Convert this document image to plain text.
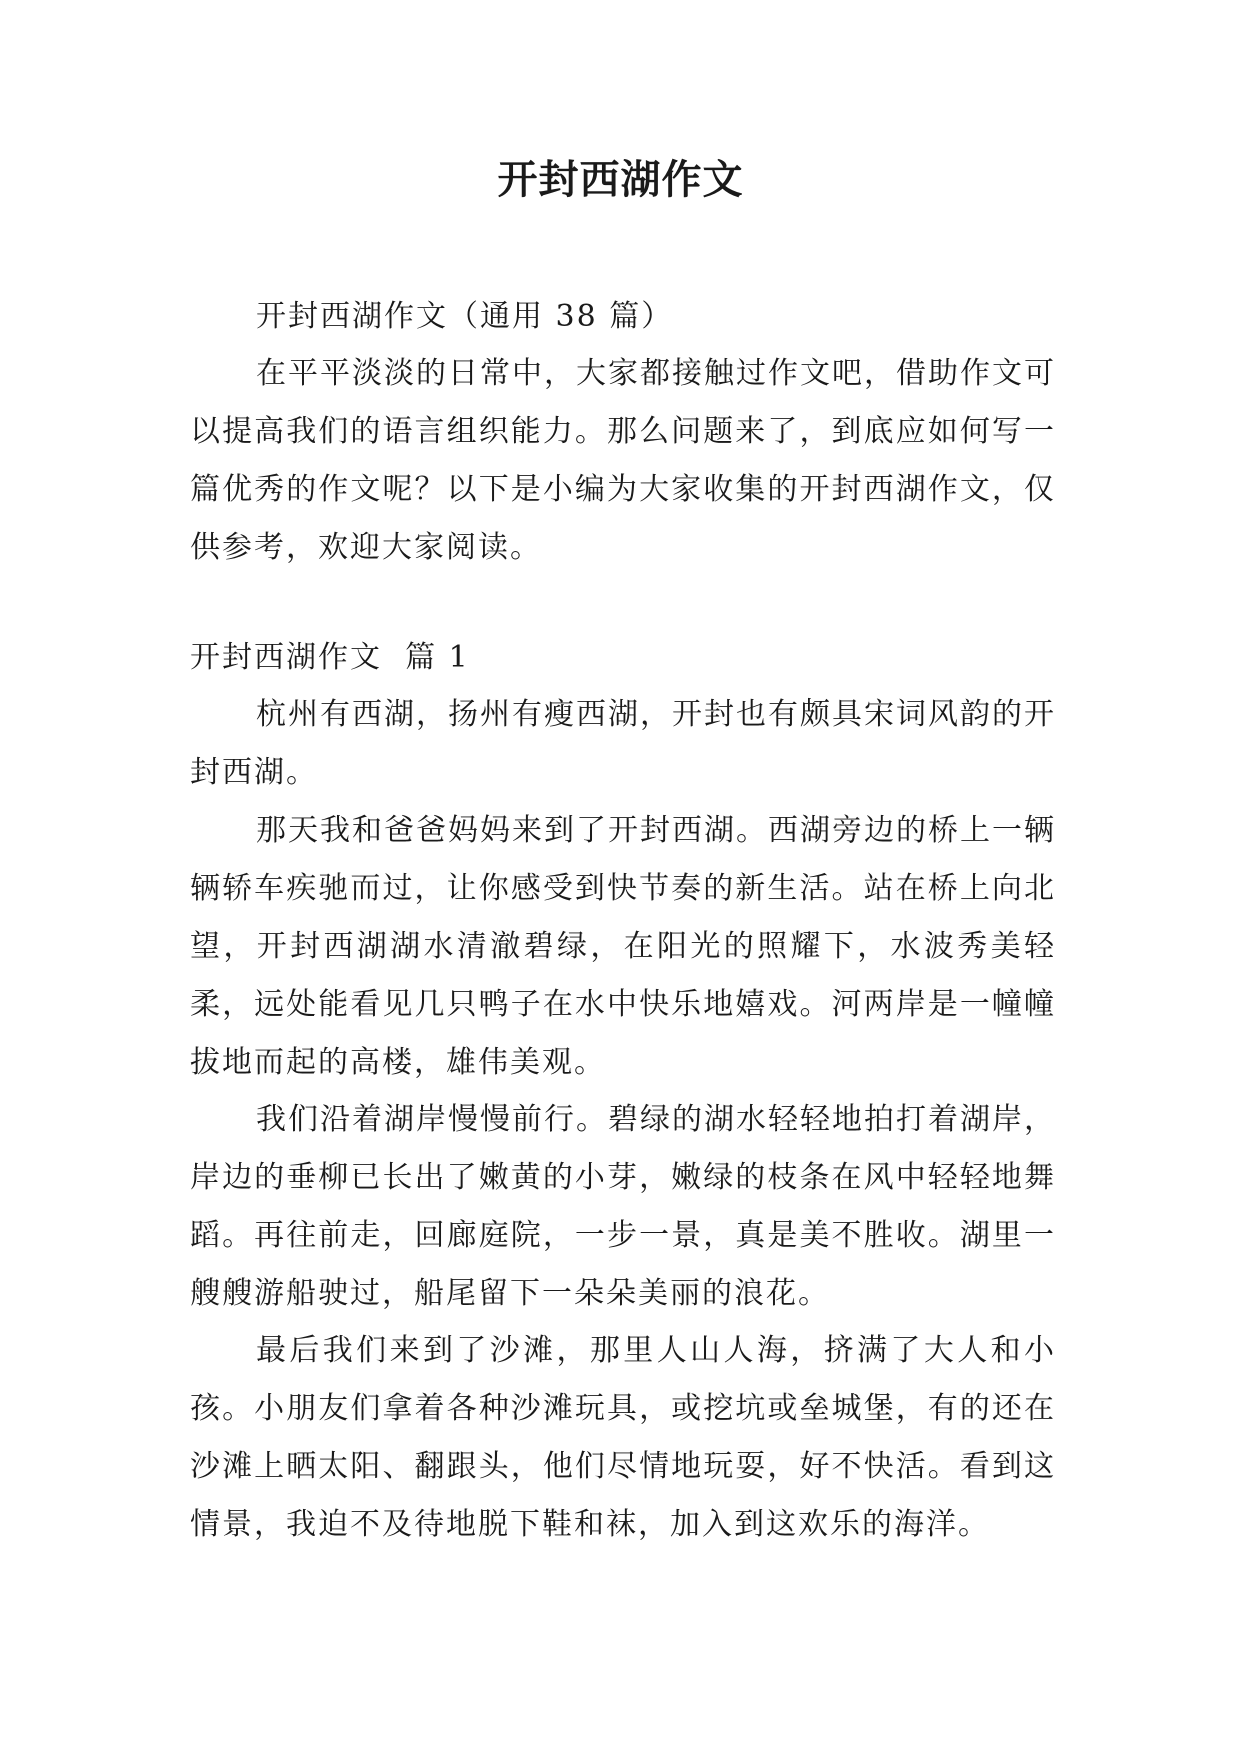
开封西湖作文

开封西湖作文（通用 38 篇）

在平平淡淡的日常中，大家都接触过作文吧，借助作文可以提高我们的语言组织能力。那么问题来了，到底应如何写一篇优秀的作文呢？以下是小编为大家收集的开封西湖作文，仅供参考，欢迎大家阅读。

开封西湖作文  篇 1

杭州有西湖，扬州有瘦西湖，开封也有颇具宋词风韵的开封西湖。

那天我和爸爸妈妈来到了开封西湖。西湖旁边的桥上一辆辆轿车疾驰而过，让你感受到快节奏的新生活。站在桥上向北望，开封西湖湖水清澈碧绿，在阳光的照耀下，水波秀美轻柔，远处能看见几只鸭子在水中快乐地嬉戏。河两岸是一幢幢拔地而起的高楼，雄伟美观。

我们沿着湖岸慢慢前行。碧绿的湖水轻轻地拍打着湖岸，岸边的垂柳已长出了嫩黄的小芽，嫩绿的枝条在风中轻轻地舞蹈。再往前走，回廊庭院，一步一景，真是美不胜收。湖里一艘艘游船驶过，船尾留下一朵朵美丽的浪花。

最后我们来到了沙滩，那里人山人海，挤满了大人和小孩。小朋友们拿着各种沙滩玩具，或挖坑或垒城堡，有的还在沙滩上晒太阳、翻跟头，他们尽情地玩耍，好不快活。看到这情景，我迫不及待地脱下鞋和袜，加入到这欢乐的海洋。
